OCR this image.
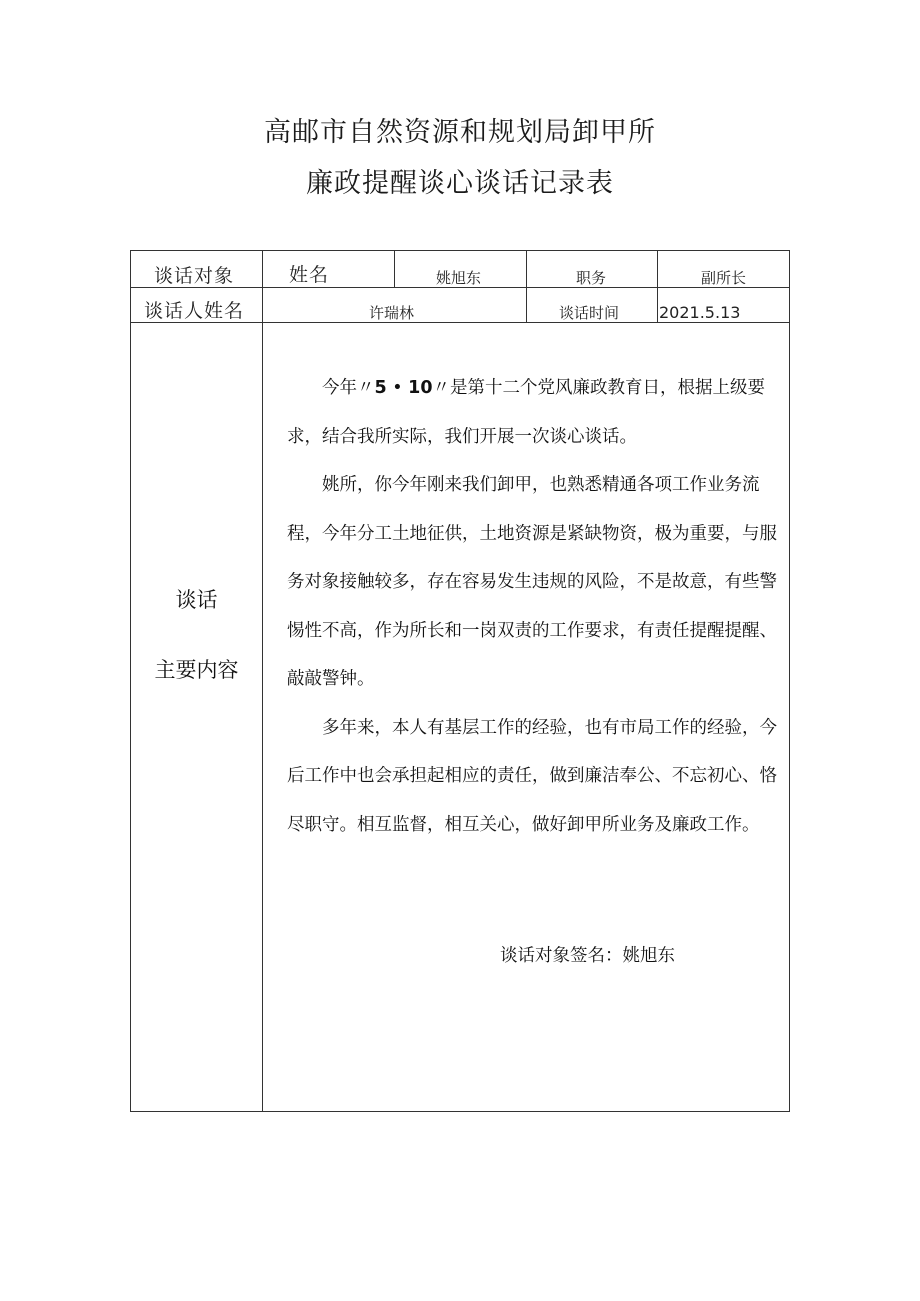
高邮市自然资源和规划局卸甲所
廉政提醒谈心谈话记录表
谈话对象	姓名	姚旭东	职务	副所长
谈话人姓名	许瑞林	谈话时间 2021.5.13
谈话
主要内容

今年〃5 • 10〃是第十二个党风廉政教育日，根据上级要求，结合我所实际，我们开展一次谈心谈话。

姚所，你今年刚来我们卸甲，也熟悉精通各项工作业务流程，今年分工土地征供，土地资源是紧缺物资，极为重要，与服务对象接触较多，存在容易发生违规的风险，不是故意，有些警惕性不高，作为所长和一岗双责的工作要求，有责任提醒提醒、敲敲警钟。

多年来，本人有基层工作的经验，也有市局工作的经验，今后工作中也会承担起相应的责任，做到廉洁奉公、不忘初心、恪尽职守。相互监督，相互关心，做好卸甲所业务及廉政工作。

谈话对象签名：姚旭东
